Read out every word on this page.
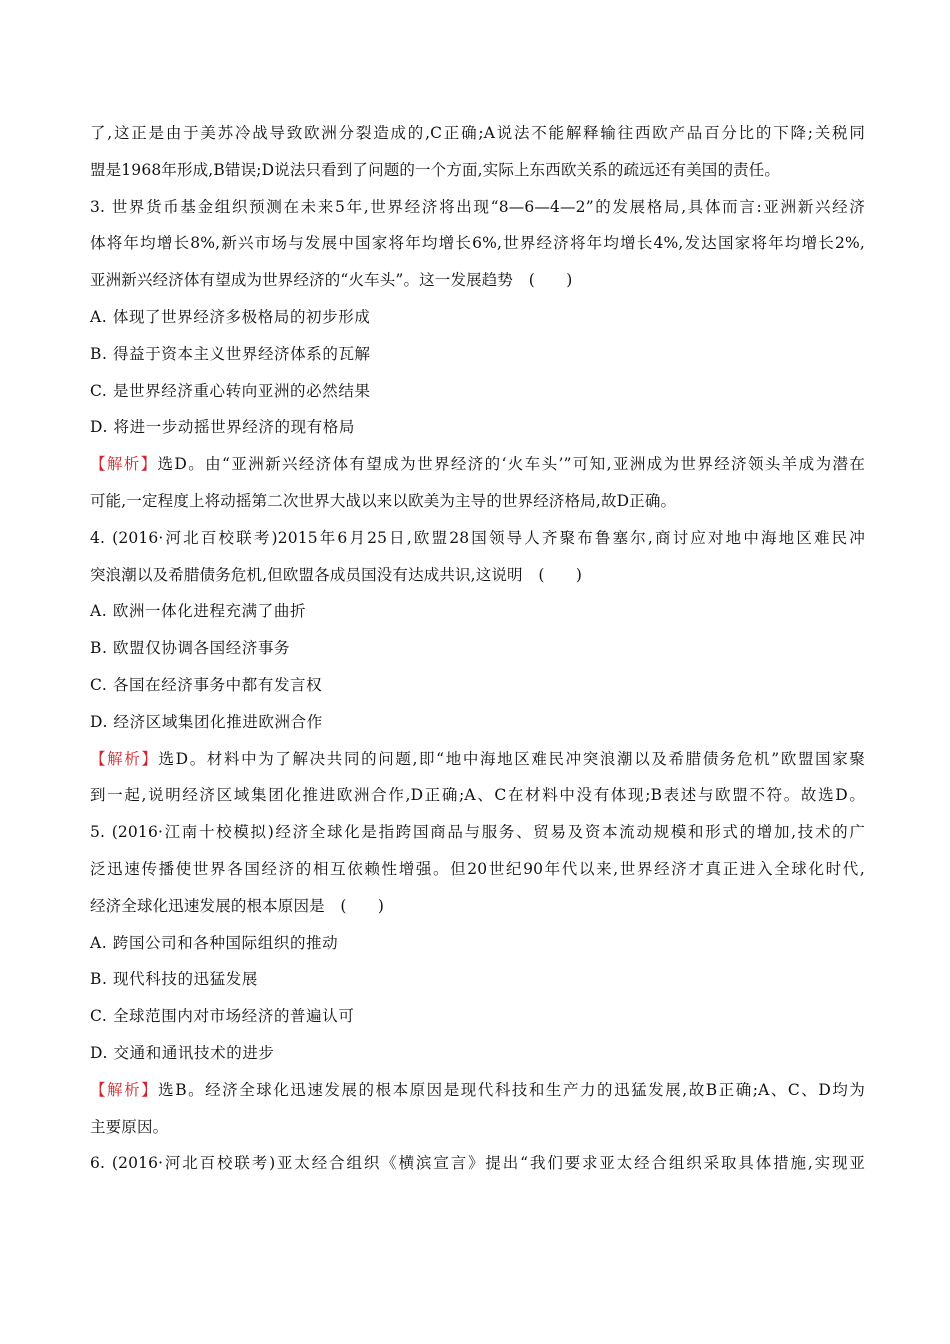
了,这正是由于美苏冷战导致欧洲分裂造成的,C正确;A说法不能解释输往西欧产品百分比的下降;关税同
盟是1968年形成,B错误;D说法只看到了问题的一个方面,实际上东西欧关系的疏远还有美国的责任。
3. 世界货币基金组织预测在未来5年,世界经济将出现“8—6—4—2”的发展格局,具体而言:亚洲新兴经济
体将年均增长8%,新兴市场与发展中国家将年均增长6%,世界经济将年均增长4%,发达国家将年均增长2%,
亚洲新兴经济体有望成为世界经济的“火车头”。这一发展趋势　(　　)
A. 体现了世界经济多极格局的初步形成
B. 得益于资本主义世界经济体系的瓦解
C. 是世界经济重心转向亚洲的必然结果
D. 将进一步动摇世界经济的现有格局
【解析】选D。由“亚洲新兴经济体有望成为世界经济的‘火车头’”可知,亚洲成为世界经济领头羊成为潜在
可能,一定程度上将动摇第二次世界大战以来以欧美为主导的世界经济格局,故D正确。
4. (2016·河北百校联考)2015年6月25日,欧盟28国领导人齐聚布鲁塞尔,商讨应对地中海地区难民冲
突浪潮以及希腊债务危机,但欧盟各成员国没有达成共识,这说明　(　　)
A. 欧洲一体化进程充满了曲折
B. 欧盟仅协调各国经济事务
C. 各国在经济事务中都有发言权
D. 经济区域集团化推进欧洲合作
【解析】选D。材料中为了解决共同的问题,即“地中海地区难民冲突浪潮以及希腊债务危机”欧盟国家聚
到一起,说明经济区域集团化推进欧洲合作,D正确;A、C在材料中没有体现;B表述与欧盟不符。故选D。
5. (2016·江南十校模拟)经济全球化是指跨国商品与服务、贸易及资本流动规模和形式的增加,技术的广
泛迅速传播使世界各国经济的相互依赖性增强。但20世纪90年代以来,世界经济才真正进入全球化时代,
经济全球化迅速发展的根本原因是　(　　)
A. 跨国公司和各种国际组织的推动
B. 现代科技的迅猛发展
C. 全球范围内对市场经济的普遍认可
D. 交通和通讯技术的进步
【解析】选B。经济全球化迅速发展的根本原因是现代科技和生产力的迅猛发展,故B正确;A、C、D均为
主要原因。
6. (2016·河北百校联考)亚太经合组织《横滨宣言》提出“我们要求亚太经合组织采取具体措施,实现亚
